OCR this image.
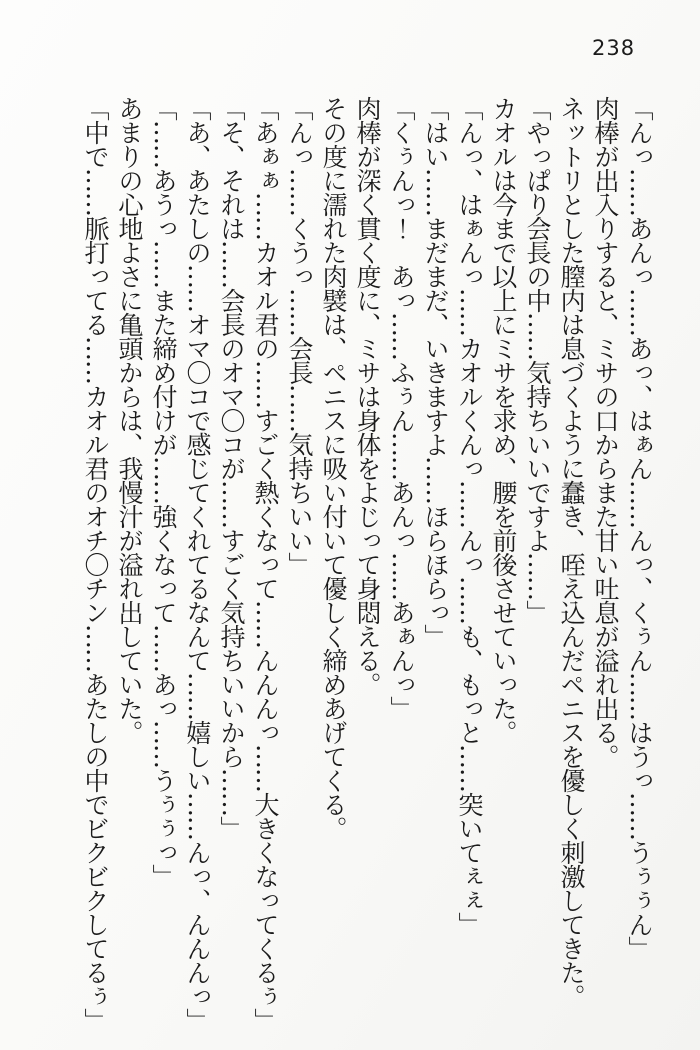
238

「んっ……あんっ……あっ、はぁん……んっ、くぅん……はうっ……うぅぅん」

肉棒が出入りすると、ミサの口からまた甘い吐息が溢れ出る。

ネットリとした膣内は息づくように蠢き、咥え込んだペニスを優しく刺激してきた。

「やっぱり会長の中……気持ちいいですよ……」

カオルは今まで以上にミサを求め、腰を前後させていった。

「んっ、はぁんっ……カオルくんっ……んっ……も、もっと……突いてぇぇ」

「はい……まだまだ、いきますよ……ほらほらっ」

「くぅんっ！　あっ……ふぅん……あんっ……あぁんっ」

肉棒が深く貫く度に、ミサは身体をよじって身悶える。

その度に濡れた肉襞は、ペニスに吸い付いて優しく締めあげてくる。

「んっ……くうっ……会長……気持ちいい」

「あぁぁ……カオル君の……すごく熱くなって……んんんっ……大きくなってくるぅ」

「そ、それは……会長のオマ〇コが……すごく気持ちいいから……」

「あ、あたしの……オマ〇コで感じてくれてるなんて……嬉しい……んっ、んんんっ」

「……あうっ……また締め付けが……強くなって……あっ……うぅぅっ」

あまりの心地よさに亀頭からは、我慢汁が溢れ出していた。

「中で……脈打ってる……カオル君のオチ〇チン……あたしの中でビクビクしてるぅ」
